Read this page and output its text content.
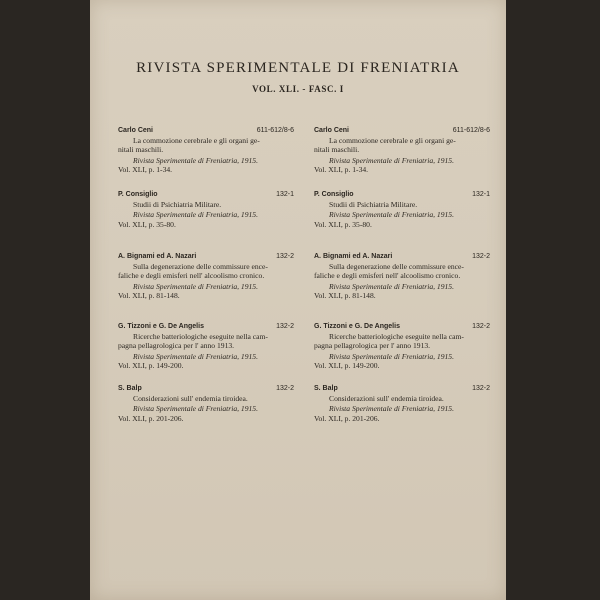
RIVISTA SPERIMENTALE DI FRENIATRIA
VOL. XLI. - FASC. I
Carlo Ceni	611-612/8-6
La commozione cerebrale e gli organi ge-
nitali maschili.
Rivista Sperimentale di Freniatria, 1915.
Vol. XLI, p. 1-34.
P. Consiglio	132-1
Studii di Psichiatria Militare.
Rivista Sperimentale di Freniatria, 1915.
Vol. XLI, p. 35-80.
A. Bignami ed A. Nazari	132-2
Sulla degenerazione delle commissure ence-
faliche e degli emisferi nell' alcoolismo cronico.
Rivista Sperimentale di Freniatria, 1915.
Vol. XLI, p. 81-148.
G. Tizzoni e G. De Angelis	132-2
Ricerche batteriologiche eseguite nella cam-
pagna pellagrologica per l' anno 1913.
Rivista Sperimentale di Freniatria, 1915.
Vol. XLI, p. 149-200.
S. Balp	132-2
Considerazioni sull' endemia tiroidea.
Rivista Sperimentale di Freniatria, 1915.
Vol. XLI, p. 201-206.
Carlo Ceni	611-612/8-6
La commozione cerebrale e gli organi ge-
nitali maschili.
Rivista Sperimentale di Freniatria, 1915.
Vol. XLI, p. 1-34.
P. Consiglio	132-1
Studii di Psichiatria Militare.
Rivista Sperimentale di Freniatria, 1915.
Vol. XLI, p. 35-80.
A. Bignami ed A. Nazari	132-2
Sulla degenerazione delle commissure ence-
faliche e degli emisferi nell' alcoolismo cronico.
Rivista Sperimentale di Freniatria, 1915.
Vol. XLI, p. 81-148.
G. Tizzoni e G. De Angelis	132-2
Ricerche batteriologiche eseguite nella cam-
pagna pellagrologica per l' anno 1913.
Rivista Sperimentale di Freniatria, 1915.
Vol. XLI, p. 149-200.
S. Balp	132-2
Considerazioni sull' endemia tiroidea.
Rivista Sperimentale di Freniatria, 1915.
Vol. XLI, p. 201-206.
